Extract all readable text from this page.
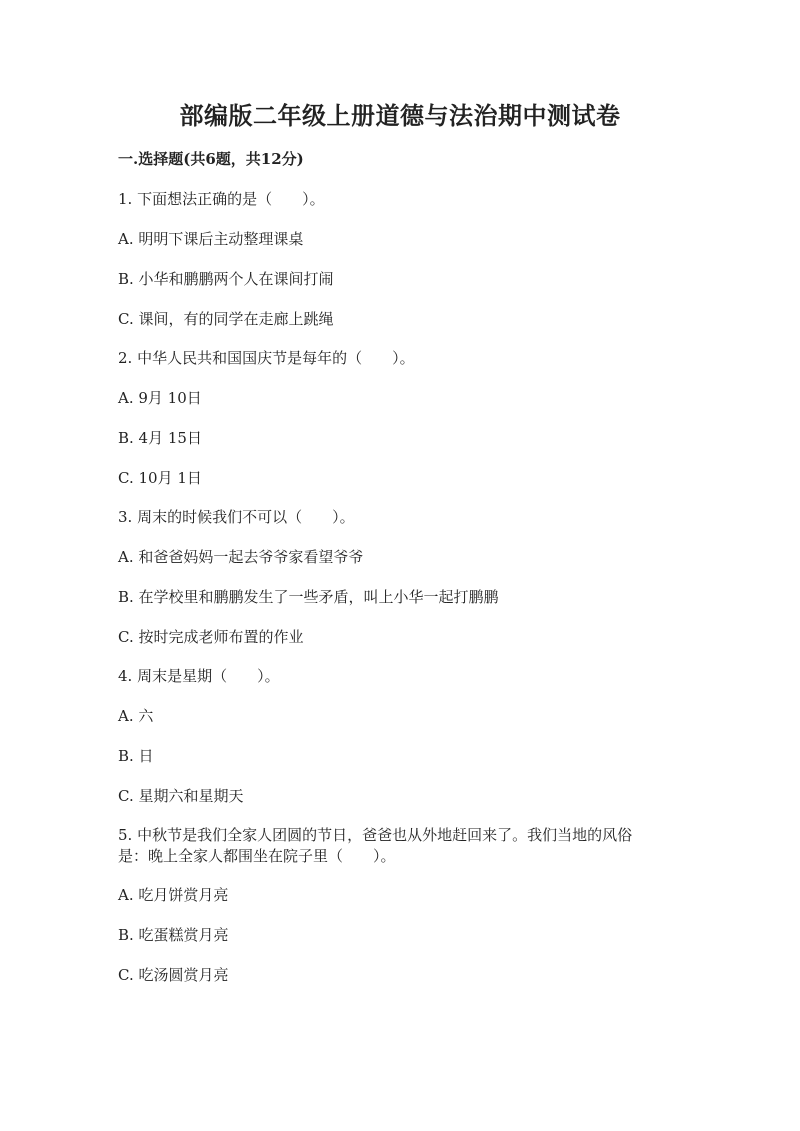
部编版二年级上册道德与法治期中测试卷
一.选择题(共6题，共12分)

1. 下面想法正确的是（　　）。

A. 明明下课后主动整理课桌

B. 小华和鹏鹏两个人在课间打闹

C. 课间，有的同学在走廊上跳绳

2. 中华人民共和国国庆节是每年的（　　）。

A. 9月 10日

B. 4月 15日

C. 10月 1日

3. 周末的时候我们不可以（　　）。

A. 和爸爸妈妈一起去爷爷家看望爷爷

B. 在学校里和鹏鹏发生了一些矛盾，叫上小华一起打鹏鹏

C. 按时完成老师布置的作业

4. 周末是星期（　　）。

A. 六

B. 日

C. 星期六和星期天

5. 中秋节是我们全家人团圆的节日，爸爸也从外地赶回来了。我们当地的风俗

是：晚上全家人都围坐在院子里（　　）。

A. 吃月饼赏月亮

B. 吃蛋糕赏月亮

C. 吃汤圆赏月亮
